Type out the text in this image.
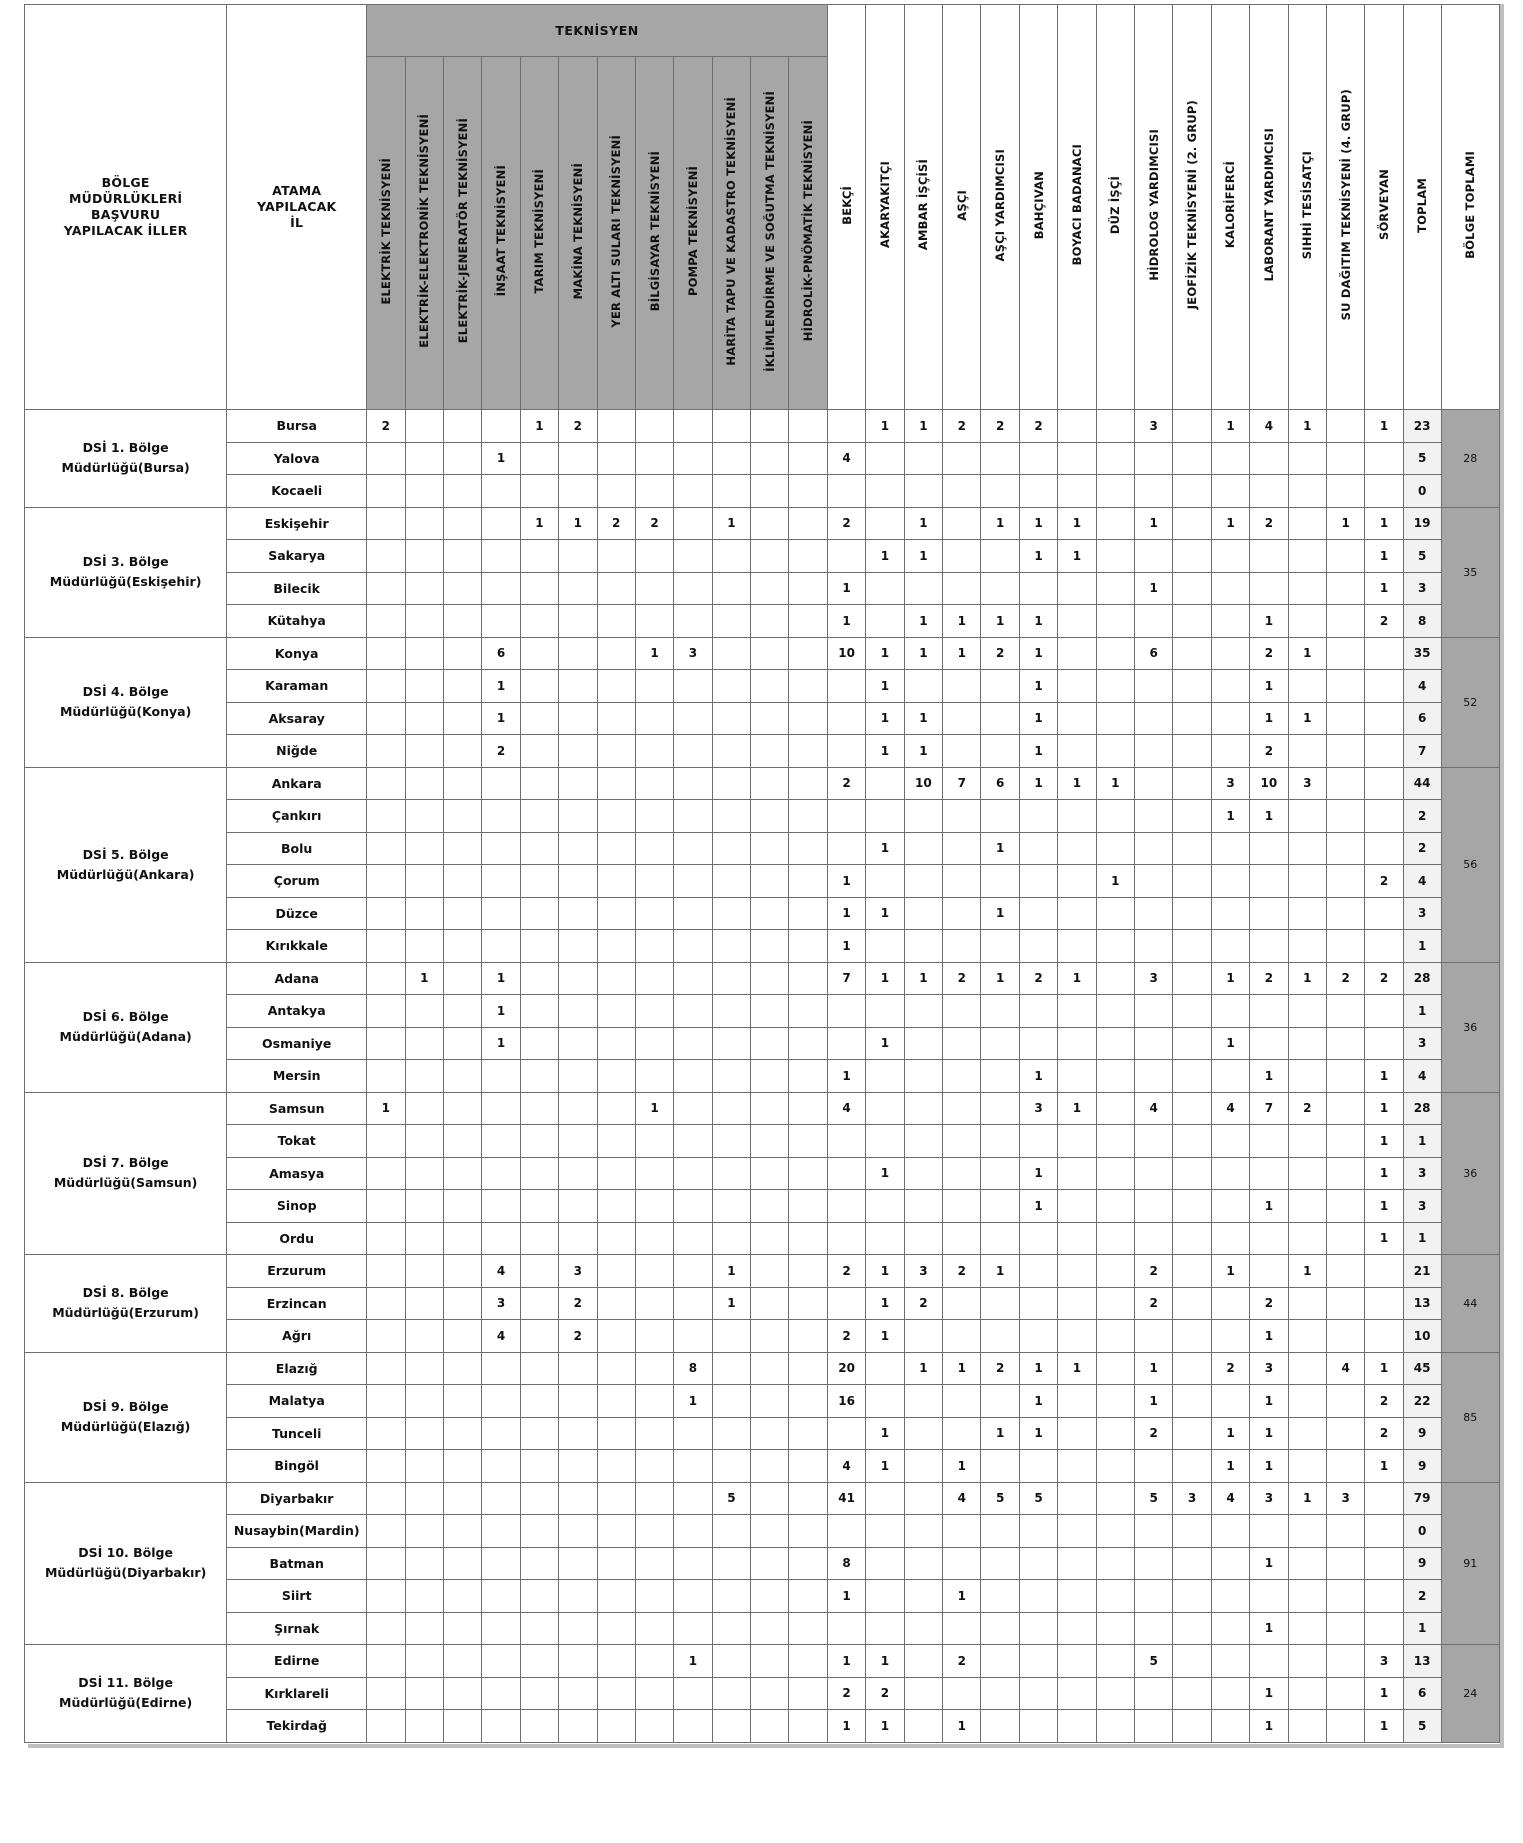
BÖLGE MÜDÜRLÜKLERİ BAŞVURU YAPILACAK İLLER	ATAMA YAPILACAK İL	TEKNİSYEN												BEKÇİ	AKARYAKITÇI	AMBAR İŞÇİSİ	AŞÇI	AŞÇI YARDIMCISI	BAHÇIVAN	BOYACI BADANACI	DÜZ İŞÇİ	HİDROLOG YARDIMCISI	JEOFİZİK TEKNİSYENİ (2. GRUP)	KALORİFERCİ	LABORANT YARDIMCISI	SIHHİ TESİSATÇI	SU DAĞITIM TEKNİSYENİ (4. GRUP)	SÖRVEYAN	TOPLAM	BÖLGE TOPLAMI
		ELEKTRİK TEKNİSYENİ	ELEKTRİK-ELEKTRONİK TEKNİSYENİ	ELEKTRİK-JENERATÖR TEKNİSYENİ	İNŞAAT TEKNİSYENİ	TARIM TEKNİSYENİ	MAKİNA TEKNİSYENİ	YER ALTI SULARI TEKNİSYENİ	BİLGİSAYAR TEKNİSYENİ	POMPA TEKNİSYENİ	HARİTA TAPU VE KADASTRO TEKNİSYENİ	İKLİMLENDİRME VE SOĞUTMA TEKNİSYENİ	HİDROLİK-PNÖMATİK TEKNİSYENİ																	
DSİ 1. Bölge Müdürlüğü(Bursa)	Bursa	2				1	2								1	1	2	2	2			3		1	4	1		1	23	28
	Yalova				1									4															5	
	Kocaeli																												0	
DSİ 3. Bölge Müdürlüğü(Eskişehir)	Eskişehir					1	1	2	2		1			2		1		1	1	1		1		1	2		1	1	19	35
	Sakarya														1	1			1	1								1	5	
	Bilecik													1								1						1	3	
	Kütahya													1		1	1	1	1						1			2	8	
DSİ 4. Bölge Müdürlüğü(Konya)	Konya				6				1	3				10	1	1	1	2	1			6			2	1			35	52
	Karaman				1										1				1						1				4	
	Aksaray				1										1	1			1						1	1			6	
	Niğde				2										1	1			1						2				7	
DSİ 5. Bölge Müdürlüğü(Ankara)	Ankara													2		10	7	6	1	1	1			3	10	3			44	56
	Çankırı																							1	1				2	
	Bolu														1			1											2	
	Çorum													1							1							2	4	
	Düzce													1	1			1											3	
	Kırıkkale													1															1	
DSİ 6. Bölge Müdürlüğü(Adana)	Adana		1		1									7	1	1	2	1	2	1		3		1	2	1	2	2	28	36
	Antakya				1																								1	
	Osmaniye				1										1									1					3	
	Mersin													1					1						1			1	4	
DSİ 7. Bölge Müdürlüğü(Samsun)	Samsun	1							1					4					3	1		4		4	7	2		1	28	36
	Tokat																											1	1	
	Amasya														1				1									1	3	
	Sinop																		1						1			1	3	
	Ordu																											1	1	
DSİ 8. Bölge Müdürlüğü(Erzurum)	Erzurum				4		3				1			2	1	3	2	1				2		1		1			21	44
	Erzincan				3		2				1				1	2						2			2				13	
	Ağrı				4		2							2	1										1				10	
DSİ 9. Bölge Müdürlüğü(Elazığ)	Elazığ									8				20		1	1	2	1	1		1		2	3		4	1	45	85
	Malatya									1				16					1			1			1			2	22	
	Tunceli														1			1	1			2		1	1			2	9	
	Bingöl													4	1		1							1	1			1	9	
DSİ 10. Bölge Müdürlüğü(Diyarbakır)	Diyarbakır										5			41			4	5	5			5	3	4	3	1	3		79	91
	Nusaybin(Mardin)																												0	
	Batman													8											1				9	
	Siirt													1			1												2	
	Şırnak																								1				1	
DSİ 11. Bölge Müdürlüğü(Edirne)	Edirne									1				1	1		2					5						3	13	24
	Kırklareli													2	2										1			1	6	
	Tekirdağ													1	1		1								1			1	5	
